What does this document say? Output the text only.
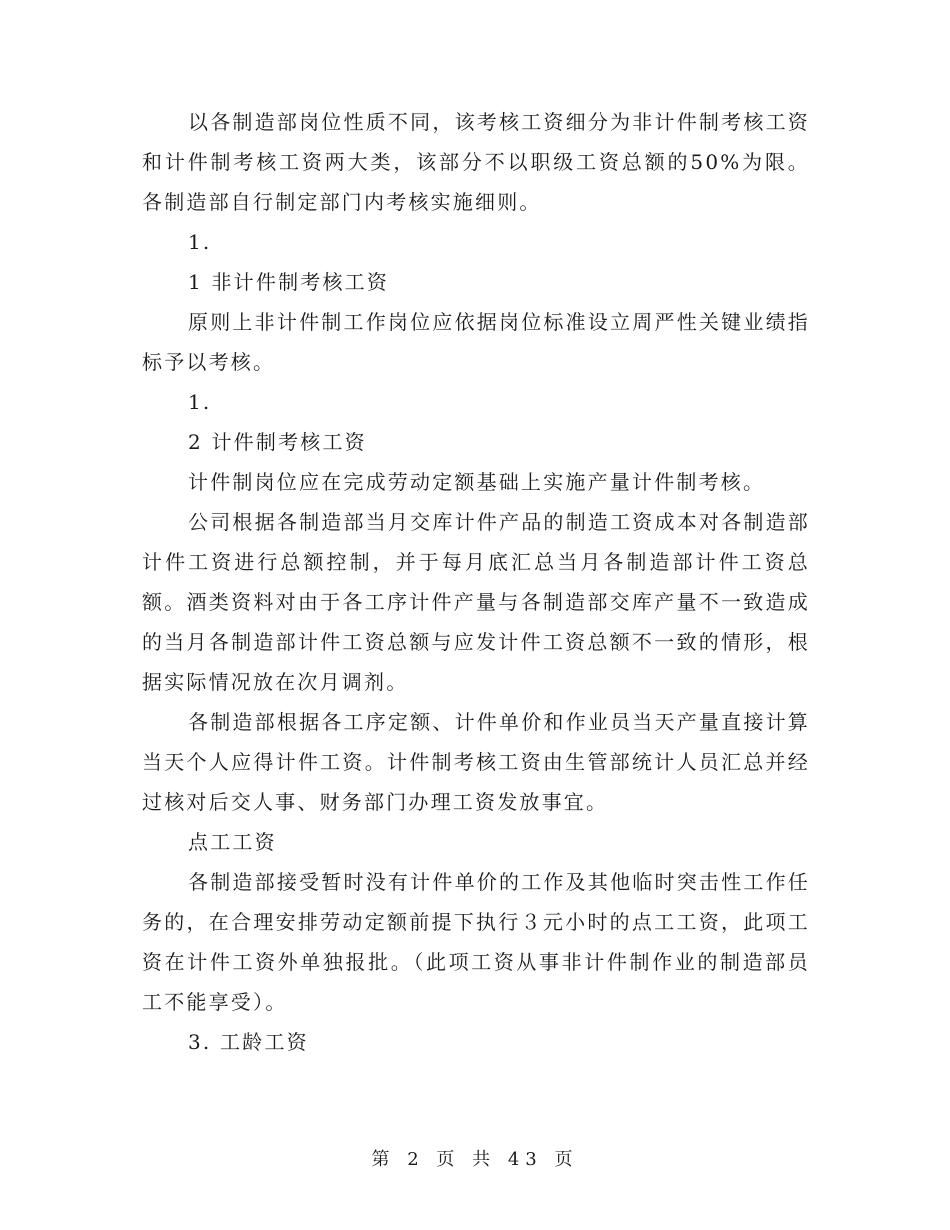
以各制造部岗位性质不同，该考核工资细分为非计件制考核工资和计件制考核工资两大类，该部分不以职级工资总额的50%为限。各制造部自行制定部门内考核实施细则。

1.

1 非计件制考核工资

原则上非计件制工作岗位应依据岗位标准设立周严性关键业绩指标予以考核。

1.

2 计件制考核工资

计件制岗位应在完成劳动定额基础上实施产量计件制考核。

公司根据各制造部当月交库计件产品的制造工资成本对各制造部计件工资进行总额控制，并于每月底汇总当月各制造部计件工资总额。酒类资料对由于各工序计件产量与各制造部交库产量不一致造成的当月各制造部计件工资总额与应发计件工资总额不一致的情形，根据实际情况放在次月调剂。

各制造部根据各工序定额、计件单价和作业员当天产量直接计算当天个人应得计件工资。计件制考核工资由生管部统计人员汇总并经过核对后交人事、财务部门办理工资发放事宜。

点工工资

各制造部接受暂时没有计件单价的工作及其他临时突击性工作任务的，在合理安排劳动定额前提下执行３元小时的点工工资，此项工资在计件工资外单独报批。（此项工资从事非计件制作业的制造部员工不能享受）。

3. 工龄工资

第 2 页 共 43 页
